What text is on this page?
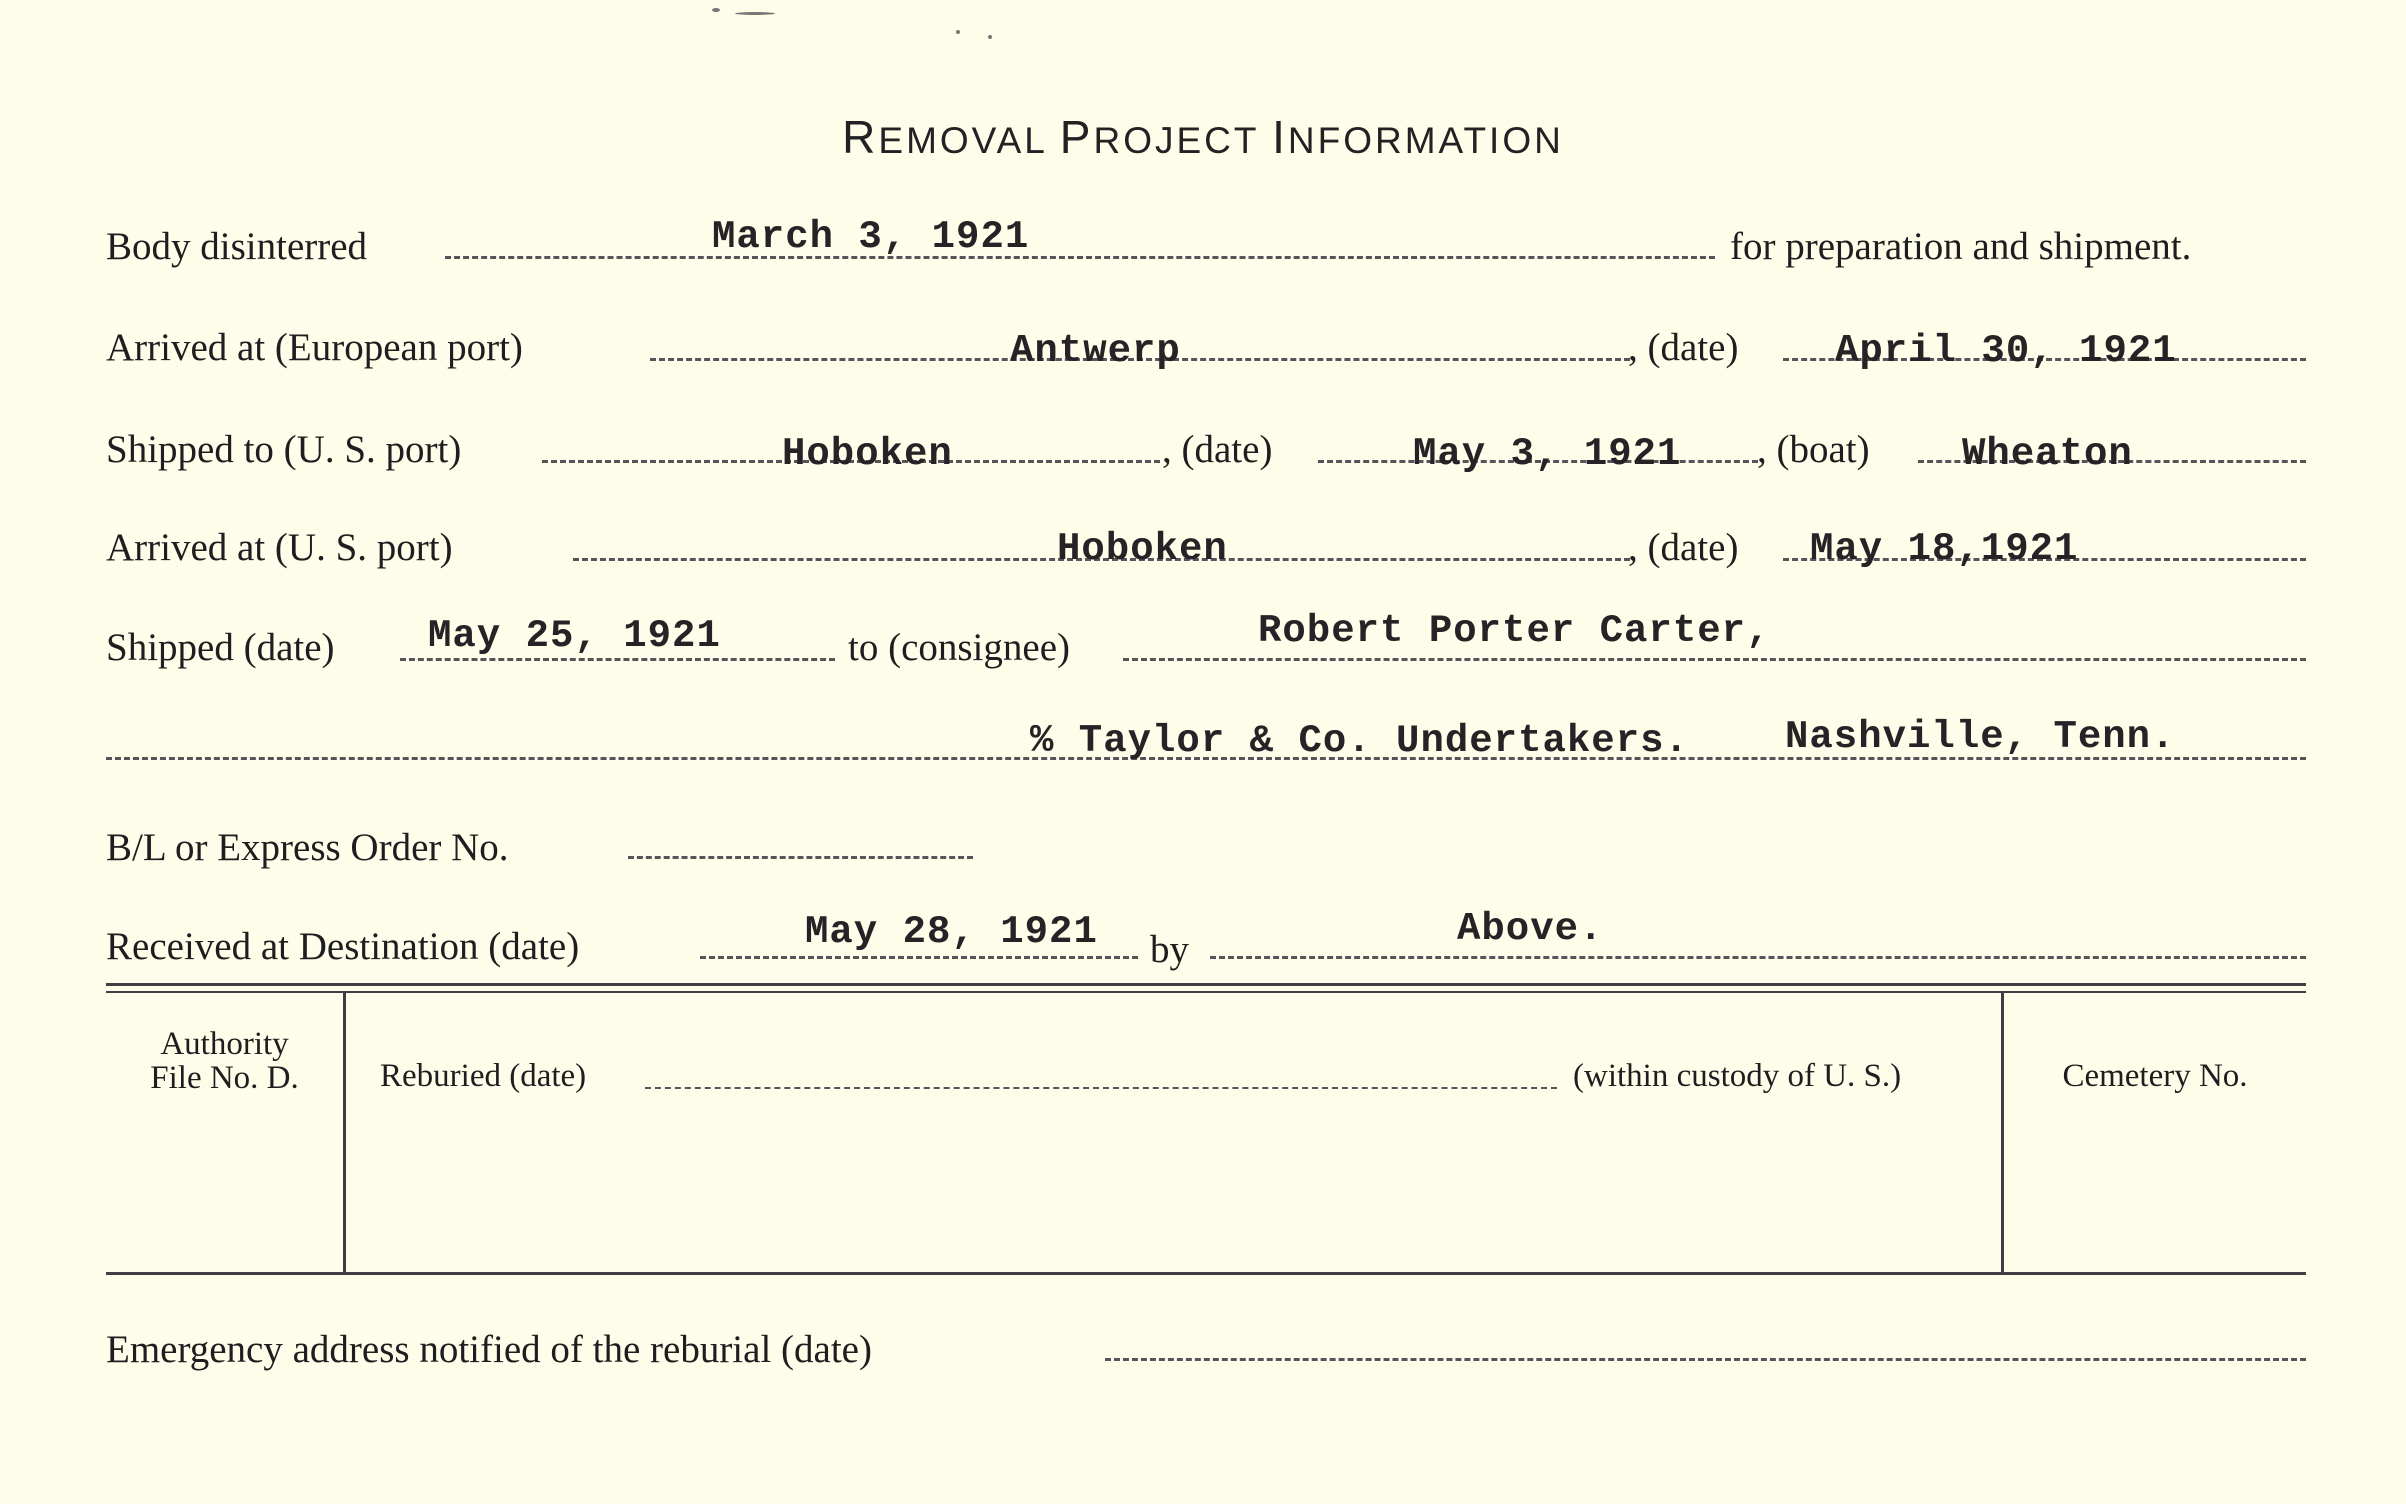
REMOVAL PROJECT INFORMATION
Body disinterred	March 3, 1921	for preparation and shipment.
Arrived at (European port)	Antwerp	, (date) April 30, 1921
Shipped to (U. S. port)	Hoboken	, (date)	May 3, 1921 , (boat) Wheaton
Arrived at (U. S. port)	Hoboken	, (date) May 18,1921
Shipped (date) May 25, 1921	to (consignee)	Robert Porter Carter,
% Taylor & Co. Undertakers. Nashville, Tenn.
B/L or Express Order No.
Received at Destination (date)	May 28, 1921 by	Above.
Authority
File No. D.	Reburied (date)	(within custody of U. S.)	Cemetery No.
Emergency address notified of the reburial (date)
